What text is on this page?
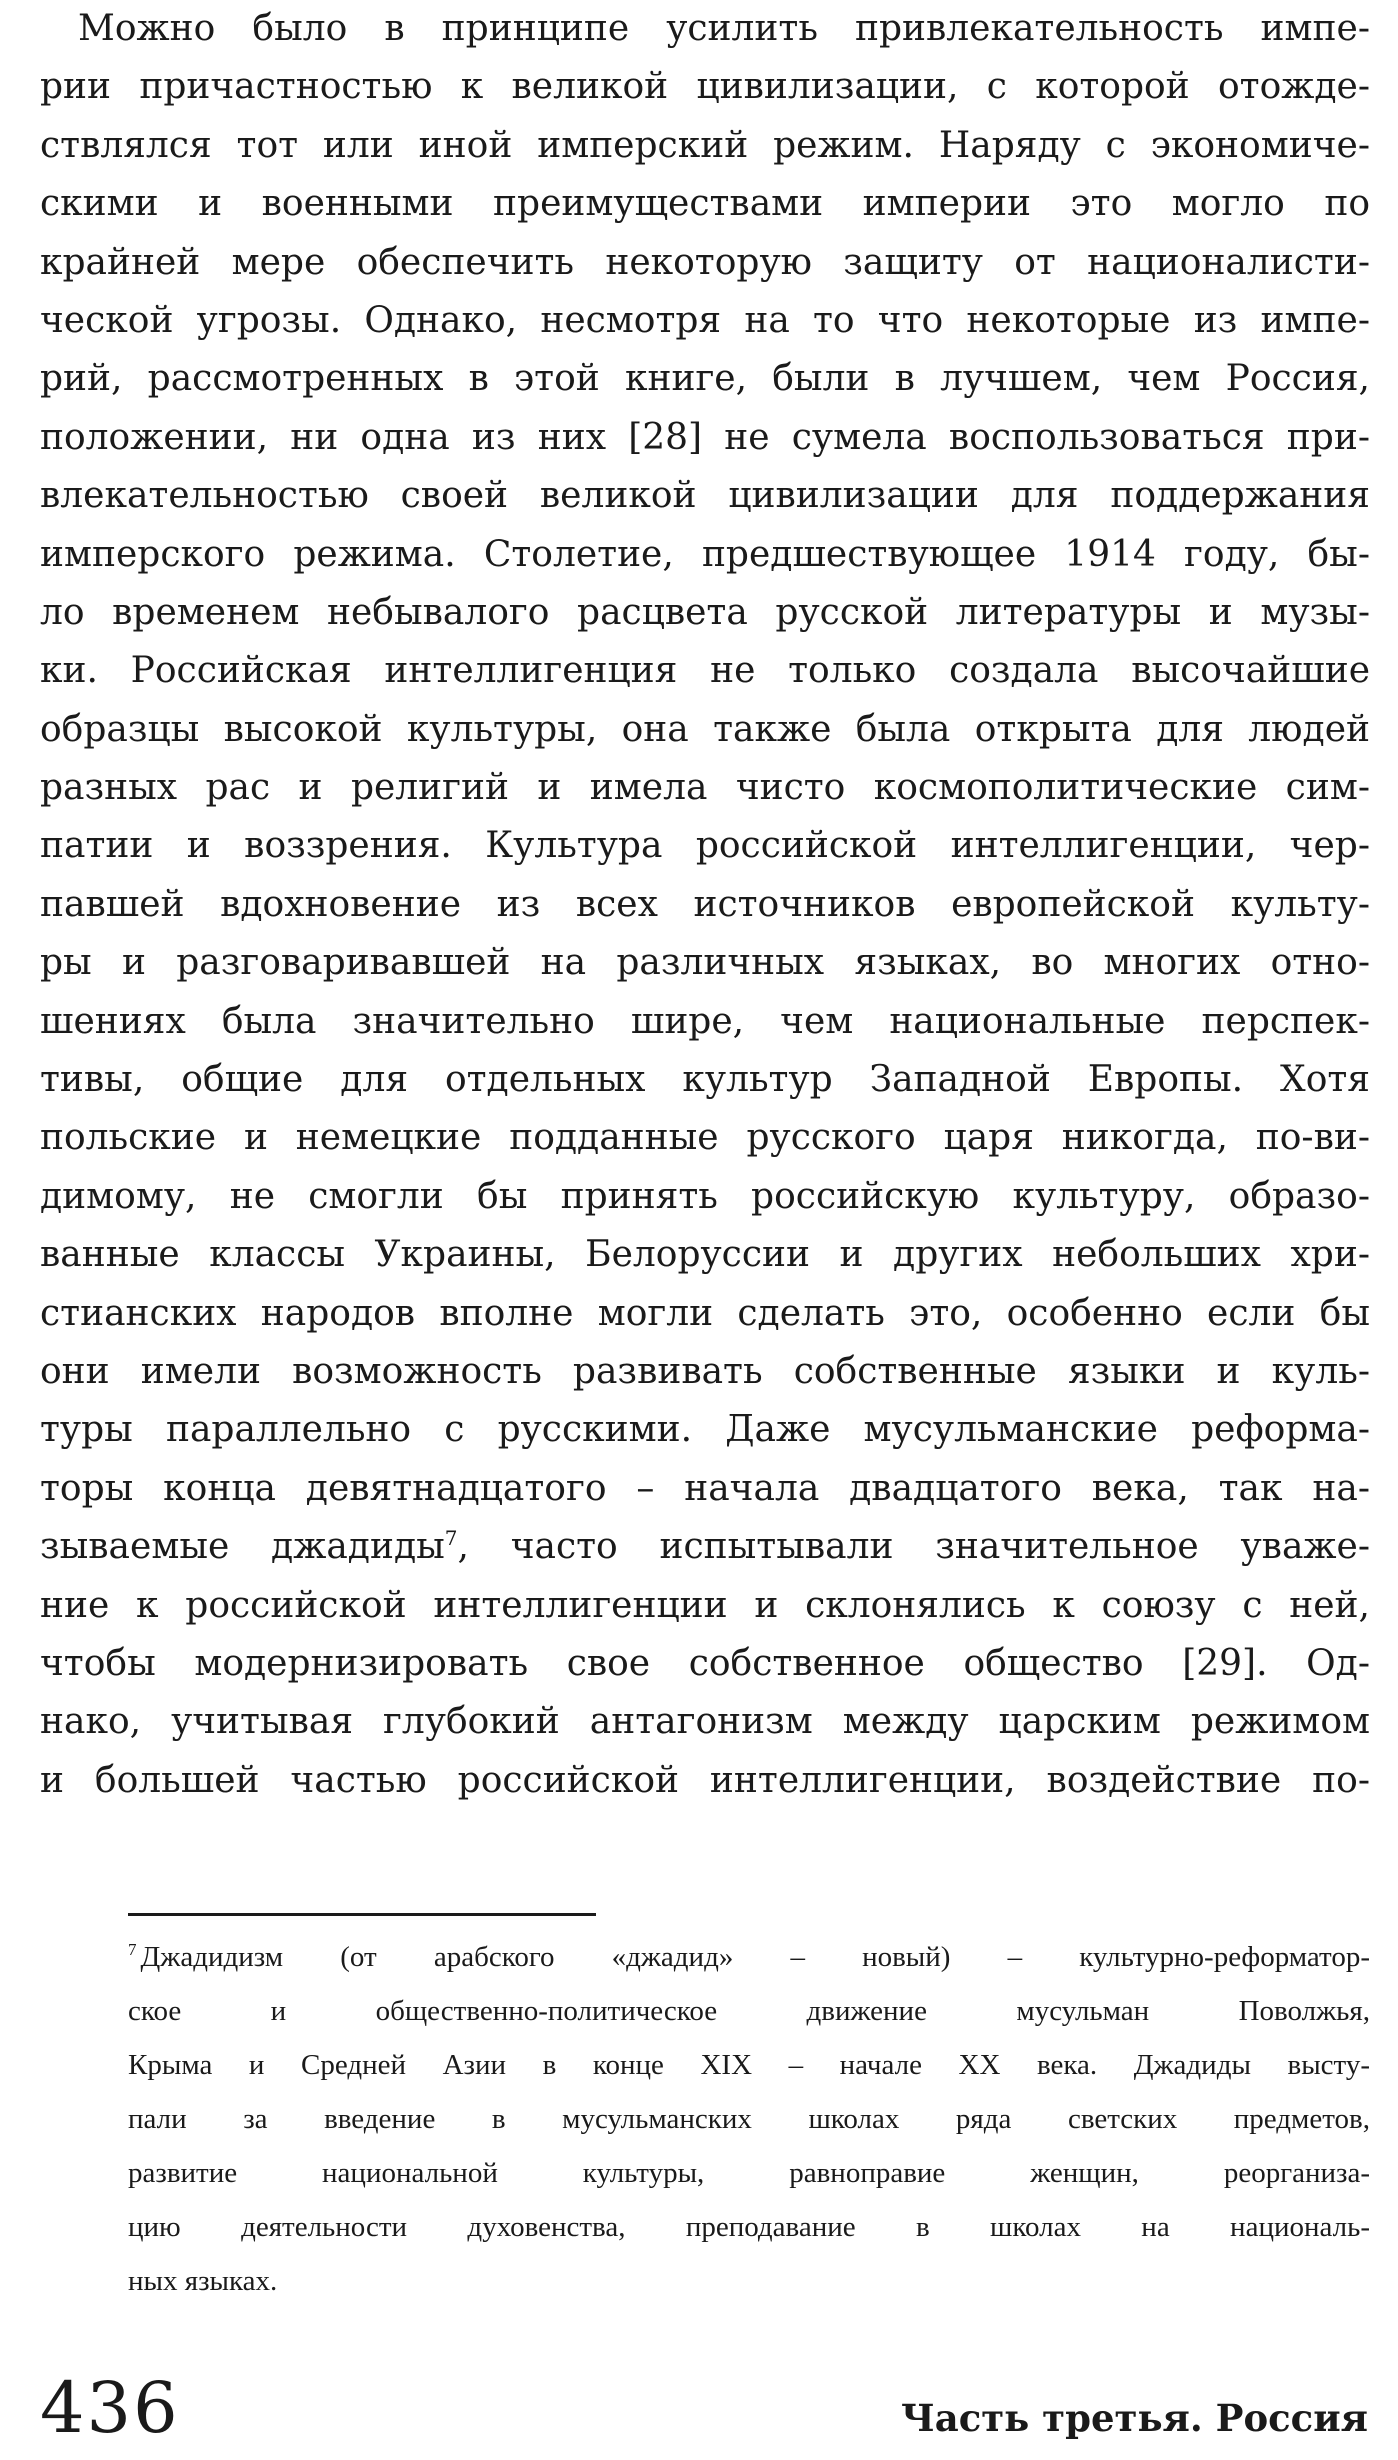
Можно было в принципе усилить привлекательность импе-
рии причастностью к великой цивилизации, с которой отожде-
ствлялся тот или иной имперский режим. Наряду с экономиче-
скими и военными преимуществами империи это могло по
крайней мере обеспечить некоторую защиту от националисти-
ческой угрозы. Однако, несмотря на то что некоторые из импе-
рий, рассмотренных в этой книге, были в лучшем, чем Россия,
положении, ни одна из них [28] не сумела воспользоваться при-
влекательностью своей великой цивилизации для поддержания
имперского режима. Столетие, предшествующее 1914 году, бы-
ло временем небывалого расцвета русской литературы и музы-
ки. Российская интеллигенция не только создала высочайшие
образцы высокой культуры, она также была открыта для людей
разных рас и религий и имела чисто космополитические сим-
патии и воззрения. Культура российской интеллигенции, чер-
павшей вдохновение из всех источников европейской культу-
ры и разговаривавшей на различных языках, во многих отно-
шениях была значительно шире, чем национальные перспек-
тивы, общие для отдельных культур Западной Европы. Хотя
польские и немецкие подданные русского царя никогда, по-ви-
димому, не смогли бы принять российскую культуру, образо-
ванные классы Украины, Белоруссии и других небольших хри-
стианских народов вполне могли сделать это, особенно если бы
они имели возможность развивать собственные языки и куль-
туры параллельно с русскими. Даже мусульманские реформа-
торы конца девятнадцатого – начала двадцатого века, так на-
зываемые джадиды$^7$, часто испытывали значительное уваже-
ние к российской интеллигенции и склонялись к союзу с ней,
чтобы модернизировать свое собственное общество [29]. Од-
нако, учитывая глубокий антагонизм между царским режимом
и большей частью российской интеллигенции, воздействие по-
$^7$ Джадидизм (от арабского «джадид» – новый) – культурно-реформатор-
ское и общественно-политическое движение мусульман Поволжья,
Крыма и Средней Азии в конце XIX – начале XX века. Джадиды высту-
пали за введение в мусульманских школах ряда светских предметов,
развитие национальной культуры, равноправие женщин, реорганиза-
цию деятельности духовенства, преподавание в школах на националь-
ных языках.
436	Часть третья. Россия
